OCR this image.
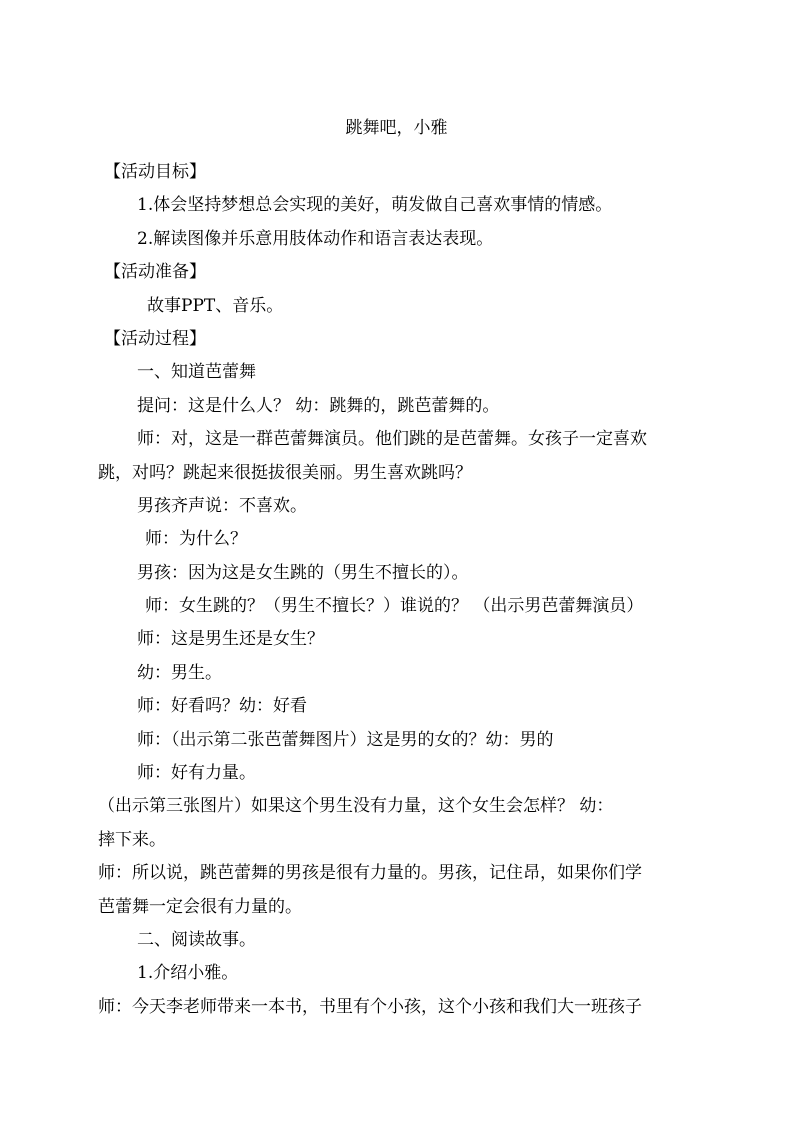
跳舞吧，小雅
【活动目标】
1.体会坚持梦想总会实现的美好，萌发做自己喜欢事情的情感。
2.解读图像并乐意用肢体动作和语言表达表现。
【活动准备】
故事PPT、音乐。
【活动过程】
一、知道芭蕾舞
提问：这是什么人？ 幼：跳舞的，跳芭蕾舞的。
师：对，这是一群芭蕾舞演员。他们跳的是芭蕾舞。女孩子一定喜欢
跳，对吗？跳起来很挺拔很美丽。男生喜欢跳吗？
男孩齐声说：不喜欢。
师：为什么？
男孩：因为这是女生跳的（男生不擅长的）。
师：女生跳的？（男生不擅长？）谁说的？ （出示男芭蕾舞演员）
师：这是男生还是女生？
幼：男生。
师：好看吗？幼：好看
师：（出示第二张芭蕾舞图片）这是男的女的？幼：男的
师：好有力量。
（出示第三张图片）如果这个男生没有力量，这个女生会怎样？ 幼：
摔下来。
师：所以说，跳芭蕾舞的男孩是很有力量的。男孩，记住昂，如果你们学
芭蕾舞一定会很有力量的。
二、阅读故事。
1.介绍小雅。
师：今天李老师带来一本书，书里有个小孩，这个小孩和我们大一班孩子
